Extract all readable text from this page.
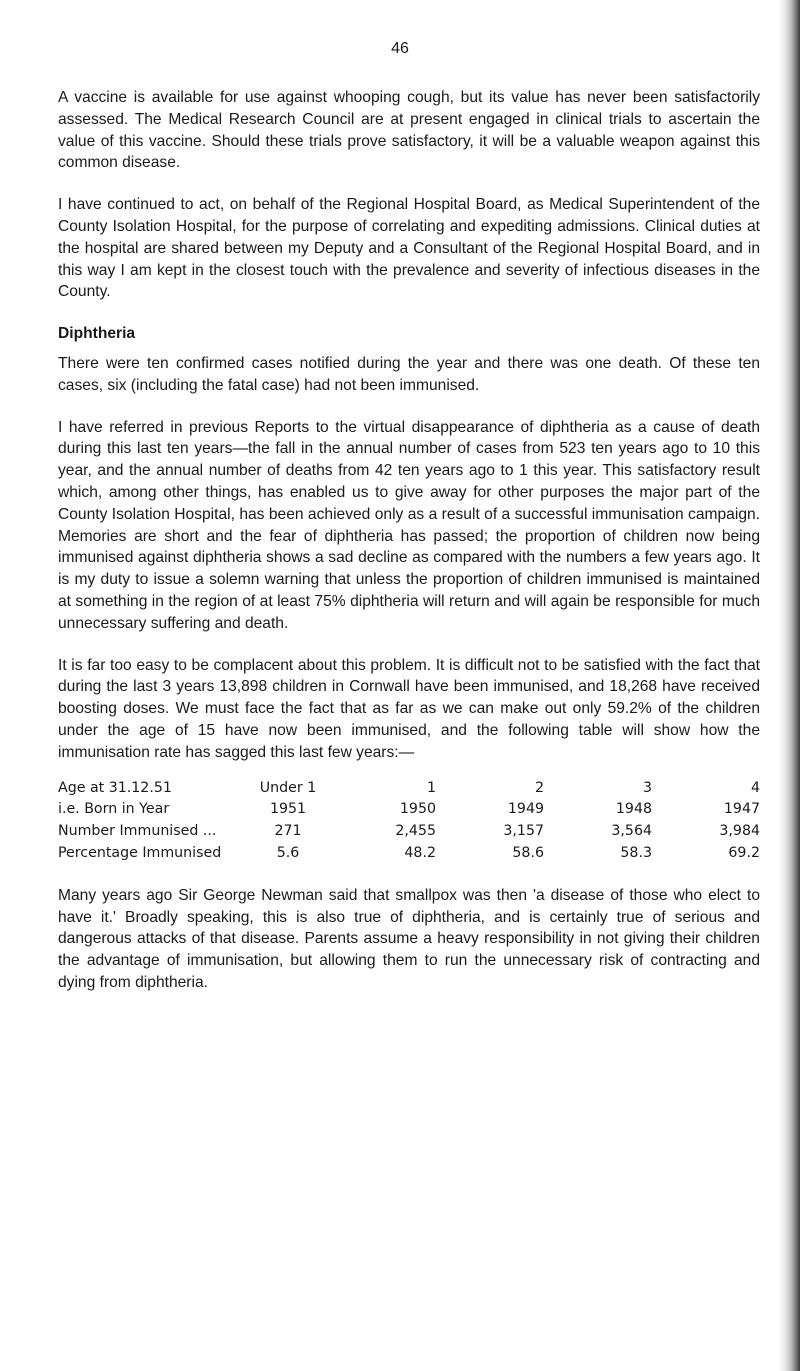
46

A vaccine is available for use against whooping cough, but its value has never been satisfactorily assessed. The Medical Research Council are at present engaged in clinical trials to ascertain the value of this vaccine. Should these trials prove satisfactory, it will be a valuable weapon against this common disease.

I have continued to act, on behalf of the Regional Hospital Board, as Medical Superintendent of the County Isolation Hospital, for the purpose of correlating and expediting admissions. Clinical duties at the hospital are shared between my Deputy and a Consultant of the Regional Hospital Board, and in this way I am kept in the closest touch with the prevalence and severity of infectious diseases in the County.

Diphtheria

There were ten confirmed cases notified during the year and there was one death. Of these ten cases, six (including the fatal case) had not been immunised.

I have referred in previous Reports to the virtual disappearance of diphtheria as a cause of death during this last ten years—the fall in the annual number of cases from 523 ten years ago to 10 this year, and the annual number of deaths from 42 ten years ago to 1 this year. This satisfactory result which, among other things, has enabled us to give away for other purposes the major part of the County Isolation Hospital, has been achieved only as a result of a successful immunisation campaign. Memories are short and the fear of diphtheria has passed; the proportion of children now being immunised against diphtheria shows a sad decline as compared with the numbers a few years ago. It is my duty to issue a solemn warning that unless the proportion of children immunised is maintained at something in the region of at least 75% diphtheria will return and will again be responsible for much unnecessary suffering and death.

It is far too easy to be complacent about this problem. It is difficult not to be satisfied with the fact that during the last 3 years 13,898 children in Cornwall have been immunised, and 18,268 have received boosting doses. We must face the fact that as far as we can make out only 59.2% of the children under the age of 15 have now been immunised, and the following table will show how the immunisation rate has sagged this last few years:—

Age at 31.12.51	Under 1	1	2	3	4
i.e. Born in Year	1951	1950	1949	1948	1947
Number Immunised ...	271	2,455	3,157	3,564	3,984
Percentage Immunised	5.6	48.2	58.6	58.3	69.2

Many years ago Sir George Newman said that smallpox was then 'a disease of those who elect to have it.' Broadly speaking, this is also true of diphtheria, and is certainly true of serious and dangerous attacks of that disease. Parents assume a heavy responsibility in not giving their children the advantage of immunisation, but allowing them to run the unnecessary risk of contracting and dying from diphtheria.
